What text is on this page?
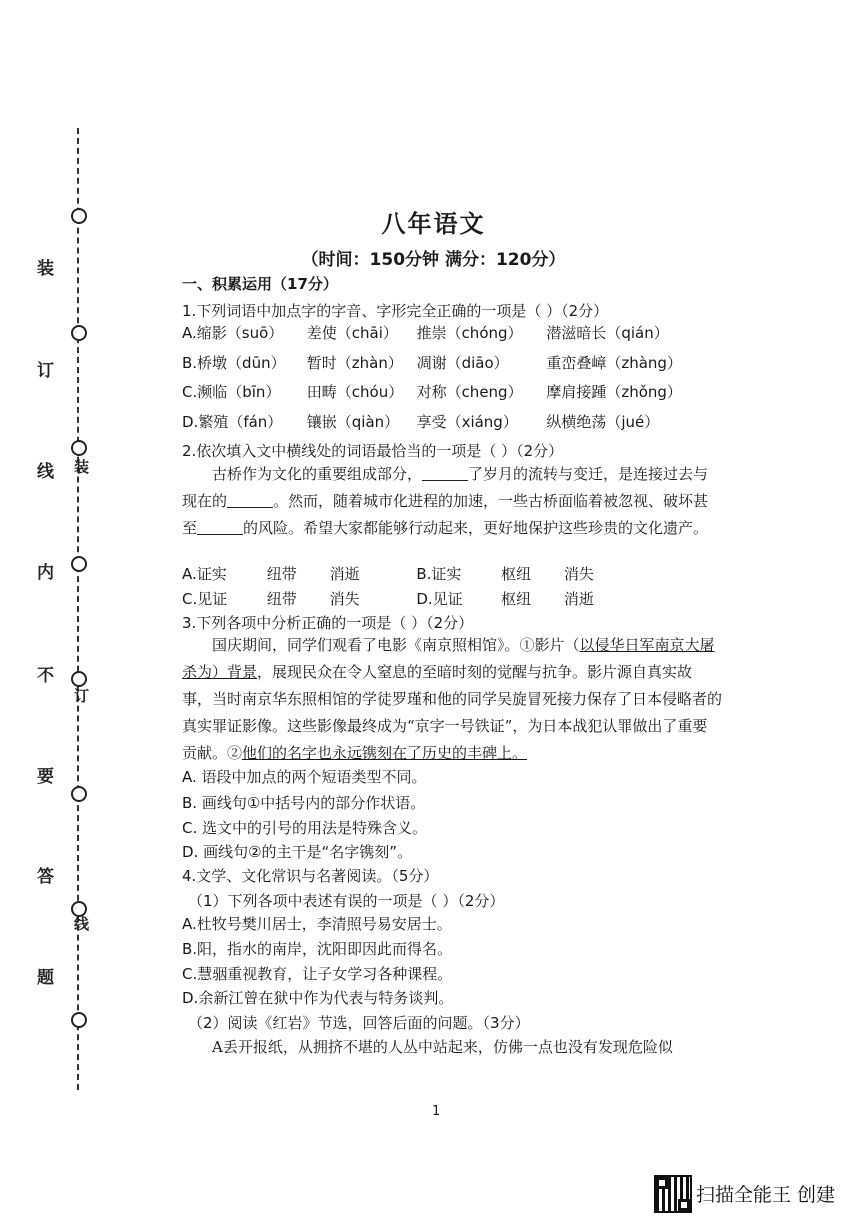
装
订
线
内
不
要
答
题
装
订
线
八年语文
（时间：150分钟 满分：120分）
一、积累运用（17分）
1.下列词语中加点字的字音、字形完全正确的一项是（ ）（2分）
A.缩影（suō） 差使（chāi） 推崇（chóng） 潜滋暗长（qián）
B.桥墩（dūn） 暂时（zhàn） 凋谢（diāo）	重峦叠嶂（zhàng）
C.濒临（bīn） 田畴（chóu） 对称（cheng） 摩肩接踵（zhǒng）
D.繁殖（fán） 镶嵌（qiàn） 享受（xiáng） 纵横绝荡（jué）
2.依次填入文中横线处的词语最恰当的一项是（ ）（2分）
古桥作为文化的重要组成部分，	了岁月的流转与变迁，是连接过去与现在的	。然而，随着城市化进程的加速，一些古桥面临着被忽视、破坏甚至	的风险。希望大家都能够行动起来，更好地保护这些珍贵的文化遗产。
A.证实	纽带 消逝	B.证实	枢纽 消失
C.见证	纽带 消失	D.见证	枢纽 消逝
3.下列各项中分析正确的一项是（ ）（2分）
国庆期间，同学们观看了电影《南京照相馆》。①影片（以侵华日军南京大屠杀为）背景，展现民众在令人窒息的至暗时刻的觉醒与抗争。影片源自真实故事，当时南京华东照相馆的学徒罗瑾和他的同学吴旋冒死接力保存了日本侵略者的真实罪证影像。这些影像最终成为“京字一号铁证”，为日本战犯认罪做出了重要贡献。②他们的名字也永远镌刻在了历史的丰碑上。
A. 语段中加点的两个短语类型不同。
B. 画线句①中括号内的部分作状语。
C. 选文中的引号的用法是特殊含义。
D. 画线句②的主干是“名字镌刻”。
4.文学、文化常识与名著阅读。（5分）
（1）下列各项中表述有误的一项是（ ）（2分）
A.杜牧号樊川居士，李清照号易安居士。
B.阳，指水的南岸，沈阳即因此而得名。
C.慧骃重视教育，让子女学习各种课程。
D.余新江曾在狱中作为代表与特务谈判。
（2）阅读《红岩》节选，回答后面的问题。（3分）
A丢开报纸，从拥挤不堪的人丛中站起来，仿佛一点也没有发现危险似
1
扫描全能王 创建
